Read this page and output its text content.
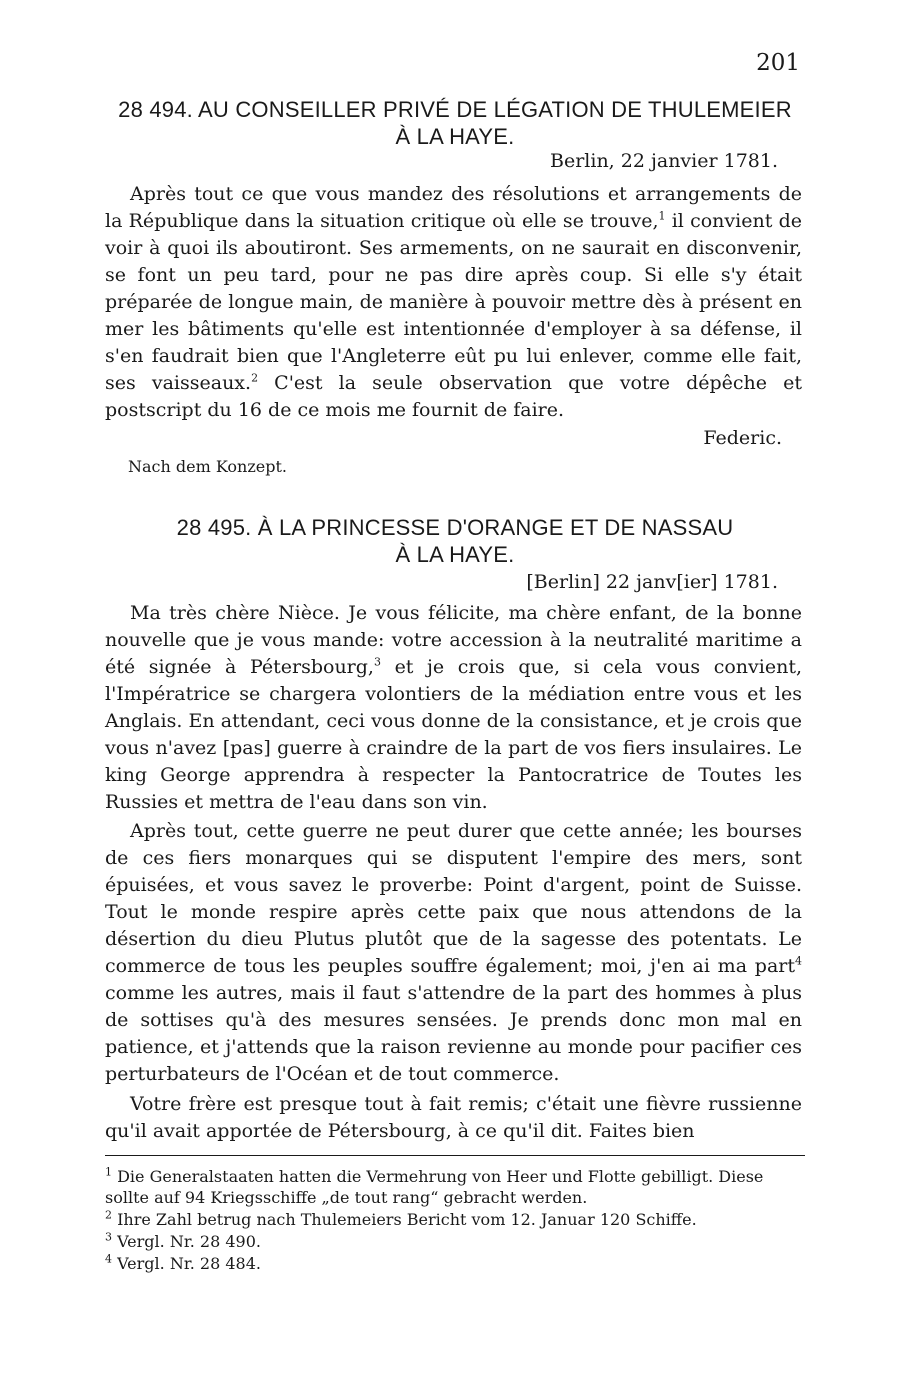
201
28 494. AU CONSEILLER PRIVÉ DE LÉGATION DE THULEMEIER
À LA HAYE.
Berlin, 22 janvier 1781.

Après tout ce que vous mandez des résolutions et arrangements de la République dans la situation critique où elle se trouve,$^1$ il convient de voir à quoi ils aboutiront. Ses armements, on ne saurait en disconvenir, se font un peu tard, pour ne pas dire après coup. Si elle s'y était préparée de longue main, de manière à pouvoir mettre dès à présent en mer les bâtiments qu'elle est intentionnée d'employer à sa défense, il s'en faudrait bien que l'Angleterre eût pu lui enlever, comme elle fait, ses vaisseaux.$^2$ C'est la seule observation que votre dépêche et postscript du 16 de ce mois me fournit de faire.

Federic.
Nach dem Konzept.
28 495. À LA PRINCESSE D'ORANGE ET DE NASSAU
À LA HAYE.
[Berlin] 22 janv[ier] 1781.

Ma très chère Nièce. Je vous félicite, ma chère enfant, de la bonne nouvelle que je vous mande: votre accession à la neutralité maritime a été signée à Pétersbourg,$^3$ et je crois que, si cela vous convient, l'Impératrice se chargera volontiers de la médiation entre vous et les Anglais. En attendant, ceci vous donne de la consistance, et je crois que vous n'avez [pas] guerre à craindre de la part de vos fiers insulaires. Le king George apprendra à respecter la Pantocratrice de Toutes les Russies et mettra de l'eau dans son vin.

Après tout, cette guerre ne peut durer que cette année; les bourses de ces fiers monarques qui se disputent l'empire des mers, sont épuisées, et vous savez le proverbe: Point d'argent, point de Suisse. Tout le monde respire après cette paix que nous attendons de la désertion du dieu Plutus plutôt que de la sagesse des potentats. Le commerce de tous les peuples souffre également; moi, j'en ai ma part$^4$ comme les autres, mais il faut s'attendre de la part des hommes à plus de sottises qu'à des mesures sensées. Je prends donc mon mal en patience, et j'attends que la raison revienne au monde pour pacifier ces perturbateurs de l'Océan et de tout commerce.

Votre frère est presque tout à fait remis; c'était une fièvre russienne qu'il avait apportée de Pétersbourg, à ce qu'il dit. Faites bien

$^1$ Die Generalstaaten hatten die Vermehrung von Heer und Flotte gebilligt. Diese sollte auf 94 Kriegsschiffe „de tout rang“ gebracht werden.
$^2$ Ihre Zahl betrug nach Thulemeiers Bericht vom 12. Januar 120 Schiffe.
$^3$ Vergl. Nr. 28 490.
$^4$ Vergl. Nr. 28 484.
